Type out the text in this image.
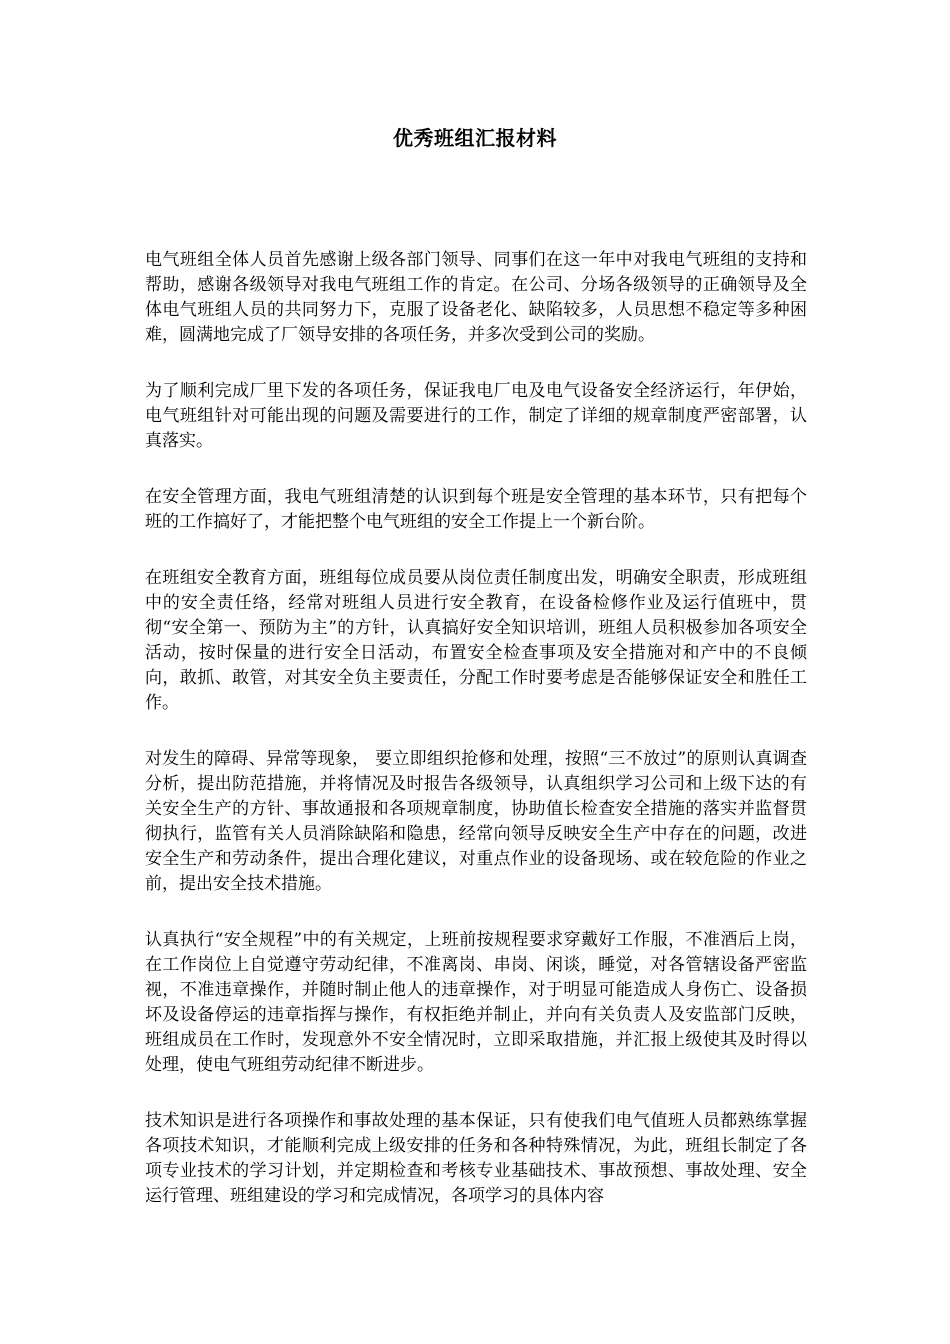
优秀班组汇报材料

电气班组全体人员首先感谢上级各部门领导、同事们在这一年中对我电气班组的支持和帮助，感谢各级领导对我电气班组工作的肯定。在公司、分场各级领导的正确领导及全体电气班组人员的共同努力下，克服了设备老化、缺陷较多，人员思想不稳定等多种困难，圆满地完成了厂领导安排的各项任务，并多次受到公司的奖励。

为了顺利完成厂里下发的各项任务，保证我电厂电及电气设备安全经济运行，年伊始，电气班组针对可能出现的问题及需要进行的工作，制定了详细的规章制度严密部署，认真落实。

在安全管理方面，我电气班组清楚的认识到每个班是安全管理的基本环节，只有把每个班的工作搞好了，才能把整个电气班组的安全工作提上一个新台阶。

在班组安全教育方面，班组每位成员要从岗位责任制度出发，明确安全职责，形成班组中的安全责任络，经常对班组人员进行安全教育，在设备检修作业及运行值班中，贯彻“安全第一、预防为主”的方针，认真搞好安全知识培训，班组人员积极参加各项安全活动，按时保量的进行安全日活动，布置安全检查事项及安全措施对和产中的不良倾向，敢抓、敢管，对其安全负主要责任，分配工作时要考虑是否能够保证安全和胜任工作。

对发生的障碍、异常等现象， 要立即组织抢修和处理，按照“三不放过”的原则认真调查分析，提出防范措施，并将情况及时报告各级领导，认真组织学习公司和上级下达的有关安全生产的方针、事故通报和各项规章制度，协助值长检查安全措施的落实并监督贯彻执行，监管有关人员消除缺陷和隐患，经常向领导反映安全生产中存在的问题，改进安全生产和劳动条件，提出合理化建议，对重点作业的设备现场、或在较危险的作业之前，提出安全技术措施。

认真执行“安全规程”中的有关规定，上班前按规程要求穿戴好工作服，不准酒后上岗，在工作岗位上自觉遵守劳动纪律，不准离岗、串岗、闲谈，睡觉，对各管辖设备严密监视，不准违章操作，并随时制止他人的违章操作，对于明显可能造成人身伤亡、设备损坏及设备停运的违章指挥与操作，有权拒绝并制止，并向有关负责人及安监部门反映，班组成员在工作时，发现意外不安全情况时，立即采取措施，并汇报上级使其及时得以处理，使电气班组劳动纪律不断进步。

技术知识是进行各项操作和事故处理的基本保证，只有使我们电气值班人员都熟练掌握各项技术知识，才能顺利完成上级安排的任务和各种特殊情况，为此，班组长制定了各项专业技术的学习计划，并定期检查和考核专业基础技术、事故预想、事故处理、安全运行管理、班组建设的学习和完成情况，各项学习的具体内容
